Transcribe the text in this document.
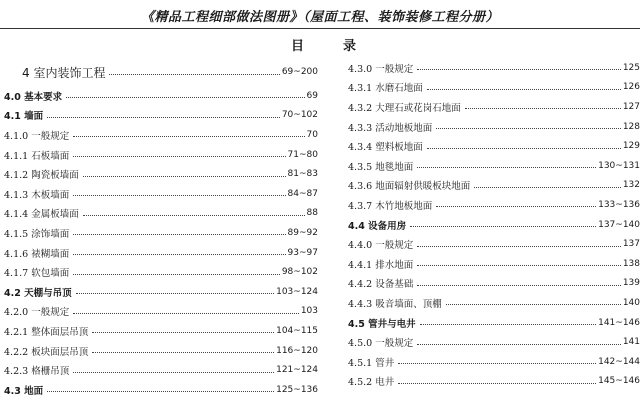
《精品工程细部做法图册》（屋面工程、装饰装修工程分册）
目	录
4 室内装饰工程	69~200
4.0 基本要求	69
4.1 墙面	70~102
4.1.0 一般规定	70
4.1.1 石板墙面	71~80
4.1.2 陶瓷板墙面	81~83
4.1.3 木板墙面	84~87
4.1.4 金属板墙面	88
4.1.5 涂饰墙面	89~92
4.1.6 裱糊墙面	93~97
4.1.7 软包墙面	98~102
4.2 天棚与吊顶	103~124
4.2.0 一般规定	103
4.2.1 整体面层吊顶	104~115
4.2.2 板块面层吊顶	116~120
4.2.3 格栅吊顶	121~124
4.3 地面	125~136
4.3.0 一般规定	125
4.3.1 水磨石地面	126
4.3.2 大理石或花岗石地面	127
4.3.3 活动地板地面	128
4.3.4 塑料板地面	129
4.3.5 地毯地面	130~131
4.3.6 地面辐射供暖板块地面	132
4.3.7 木竹地板地面	133~136
4.4 设备用房	137~140
4.4.0 一般规定	137
4.4.1 排水地面	138
4.4.2 设备基础	139
4.4.3 吸音墙面、顶棚	140
4.5 管井与电井	141~146
4.5.0 一般规定	141
4.5.1 管井	142~144
4.5.2 电井	145~146
